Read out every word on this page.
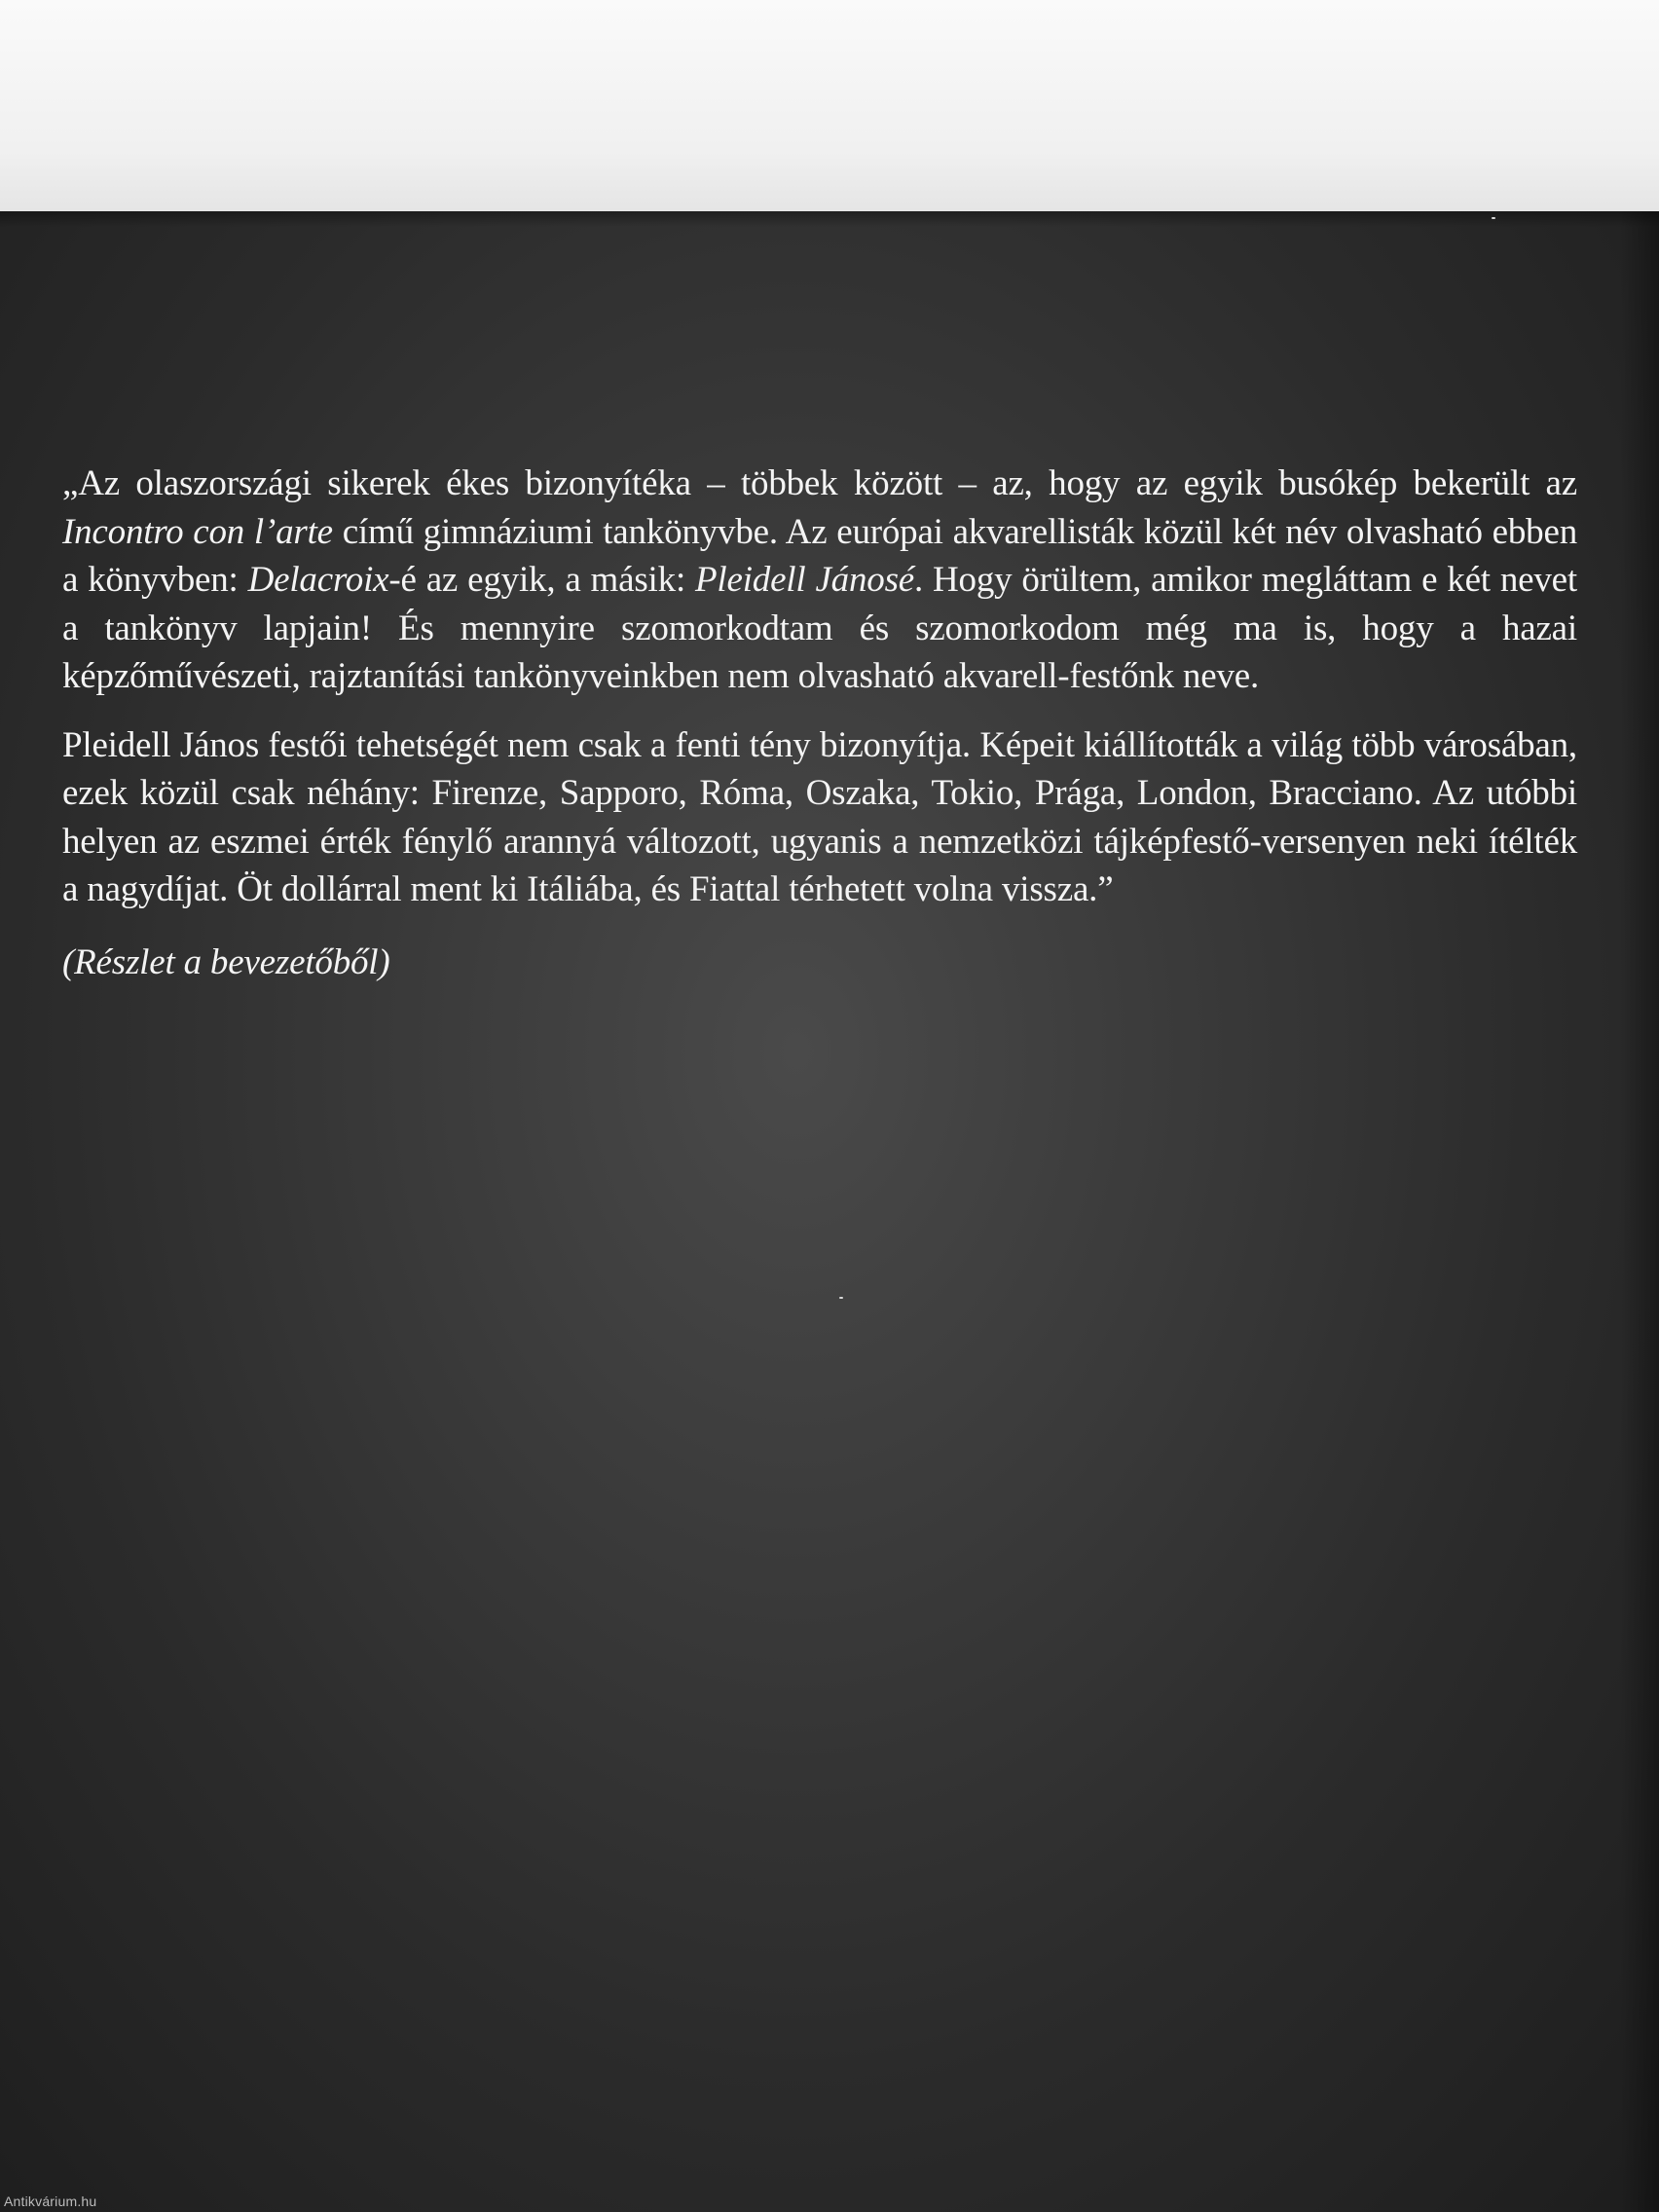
„Az olaszországi sikerek ékes bizonyítéka – többek között – az, hogy az egyik busókép bekerült az Incontro con l’arte című gimnáziumi tankönyvbe. Az európai akvarellisták közül két név olvasható ebben a könyvben: Delacroix-é az egyik, a másik: Pleidell Jánosé. Hogy örültem, amikor megláttam e két nevet a tankönyv lapjain! És mennyire szomorkodtam és szomorkodom még ma is, hogy a hazai képzőművészeti, rajztanítási tankönyveinkben nem olvasható akvarell-festőnk neve.

Pleidell János festői tehetségét nem csak a fenti tény bizonyítja. Képeit kiállították a világ több városában, ezek közül csak néhány: Firenze, Sapporo, Róma, Oszaka, Tokio, Prága, London, Bracciano. Az utóbbi helyen az eszmei érték fénylő arannyá változott, ugyanis a nemzetközi tájképfestő-versenyen neki ítélték a nagydíjat. Öt dollárral ment ki Itáliába, és Fiattal térhetett volna vissza.”

(Részlet a bevezetőből)
Antikvárium.hu
